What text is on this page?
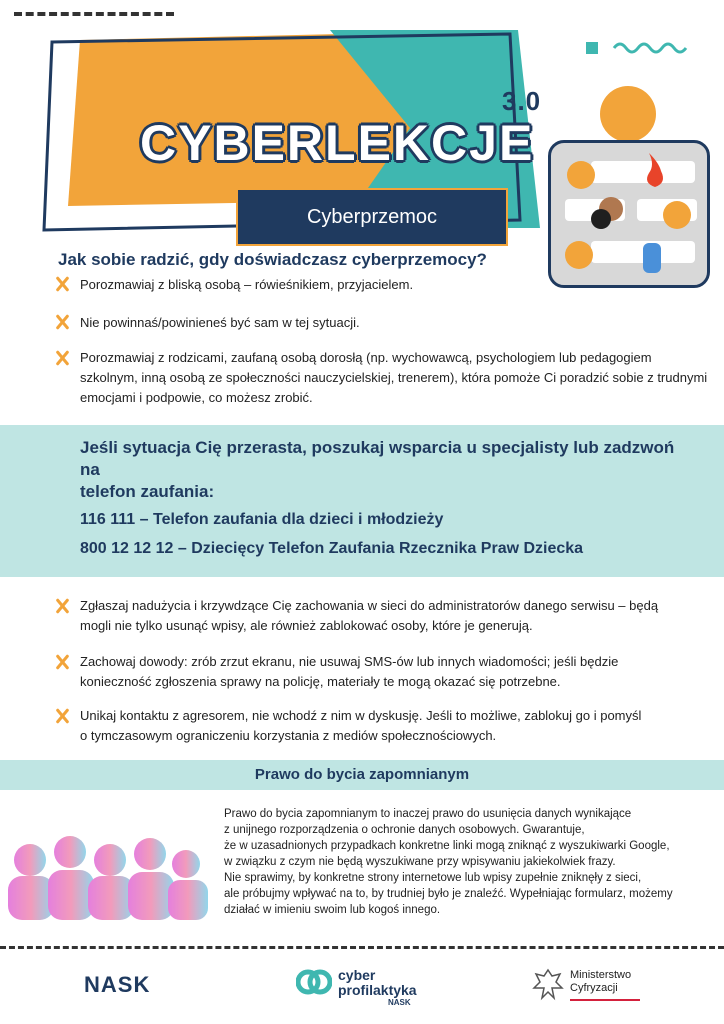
3.0
CYBERLEKCJE
Cyberprzemoc
Jak sobie radzić, gdy doświadczasz cyberprzemocy?
Porozmawiaj z bliską osobą – rówieśnikiem, przyjacielem.
Nie powinnaś/powinieneś być sam w tej sytuacji.
Porozmawiaj z rodzicami, zaufaną osobą dorosłą (np. wychowawcą, psychologiem lub pedagogiem
szkolnym, inną osobą ze społeczności nauczycielskiej, trenerem), która pomoże Ci poradzić sobie z trudnymi
emocjami i podpowie, co możesz zrobić.
Jeśli sytuacja Cię przerasta, poszukaj wsparcia u specjalisty lub zadzwoń na
telefon zaufania:
116 111 – Telefon zaufania dla dzieci i młodzieży
800 12 12 12 – Dziecięcy Telefon Zaufania Rzecznika Praw Dziecka
Zgłaszaj nadużycia i krzywdzące Cię zachowania w sieci do administratorów danego serwisu – będą
mogli nie tylko usunąć wpisy, ale również zablokować osoby, które je generują.
Zachowaj dowody: zrób zrzut ekranu, nie usuwaj SMS-ów lub innych wiadomości; jeśli będzie
konieczność zgłoszenia sprawy na policję, materiały te mogą okazać się potrzebne.
Unikaj kontaktu z agresorem, nie wchodź z nim w dyskusję. Jeśli to możliwe, zablokuj go i pomyśl
o tymczasowym ograniczeniu korzystania z mediów społecznościowych.
Prawo do bycia zapomnianym
Prawo do bycia zapomnianym to inaczej prawo do usunięcia danych wynikające
z unijnego rozporządzenia o ochronie danych osobowych. Gwarantuje,
że w uzasadnionych przypadkach konkretne linki mogą zniknąć z wyszukiwarki Google,
w związku z czym nie będą wyszukiwane przy wpisywaniu jakiekolwiek frazy.
Nie sprawimy, by konkretne strony internetowe lub wpisy zupełnie zniknęły z sieci,
ale próbujmy wpływać na to, by trudniej było je znaleźć. Wypełniając formularz, możemy
działać w imieniu swoim lub kogoś innego.
NASK	cyber
profilaktyka
NASK
Ministerstwo
Cyfryzacji
